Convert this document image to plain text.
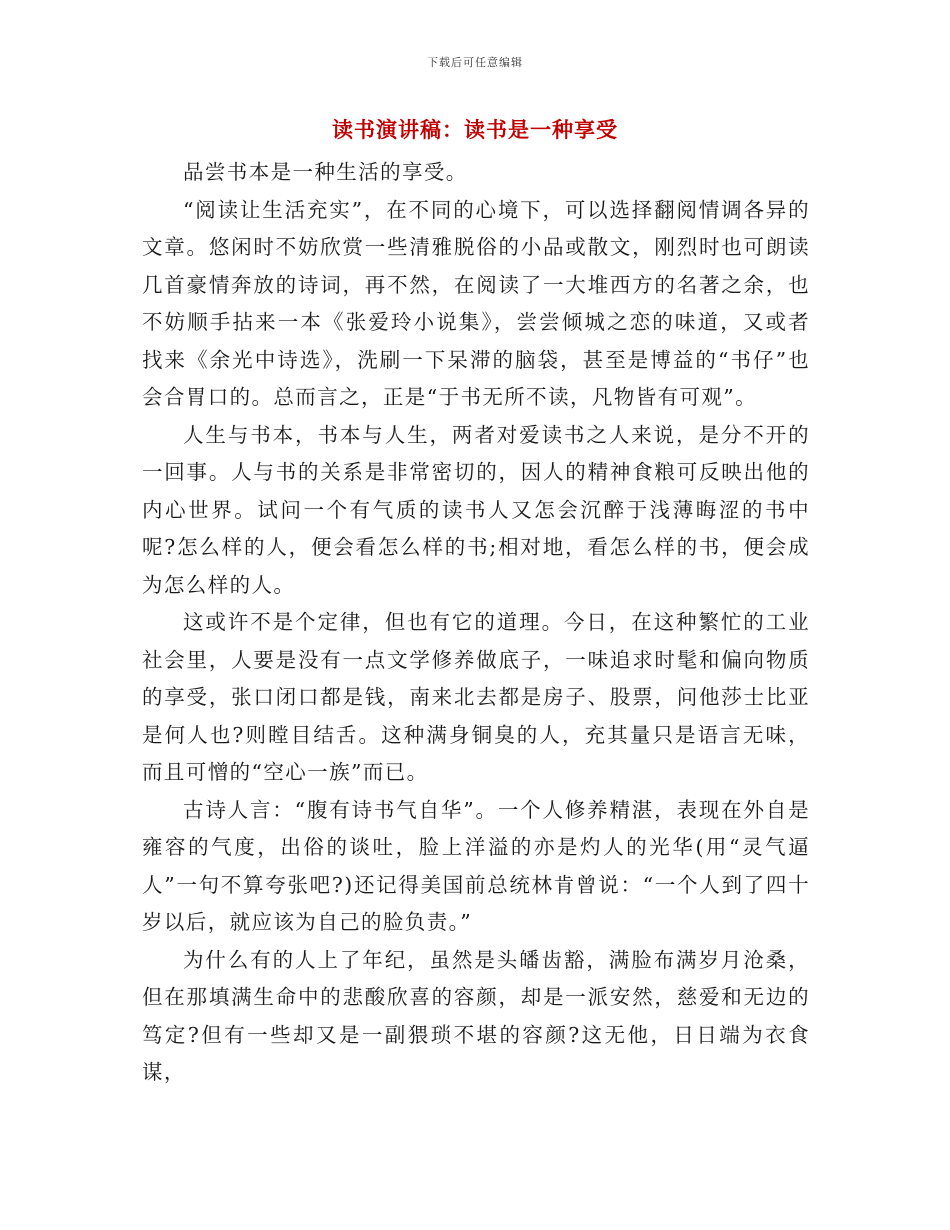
下载后可任意编辑
读书演讲稿：读书是一种享受

品尝书本是一种生活的享受。

“阅读让生活充实”，在不同的心境下，可以选择翻阅情调各异的文章。悠闲时不妨欣赏一些清雅脱俗的小品或散文，刚烈时也可朗读几首豪情奔放的诗词，再不然，在阅读了一大堆西方的名著之余，也不妨顺手拈来一本《张爱玲小说集》，尝尝倾城之恋的味道，又或者找来《余光中诗选》，洗刷一下呆滞的脑袋，甚至是博益的“书仔”也会合胃口的。总而言之，正是“于书无所不读，凡物皆有可观”。

人生与书本，书本与人生，两者对爱读书之人来说，是分不开的一回事。人与书的关系是非常密切的，因人的精神食粮可反映出他的内心世界。试问一个有气质的读书人又怎会沉醉于浅薄晦涩的书中呢?怎么样的人，便会看怎么样的书;相对地，看怎么样的书，便会成为怎么样的人。

这或许不是个定律，但也有它的道理。今日，在这种繁忙的工业社会里，人要是没有一点文学修养做底子，一味追求时髦和偏向物质的享受，张口闭口都是钱，南来北去都是房子、股票，问他莎士比亚是何人也?则瞠目结舌。这种满身铜臭的人，充其量只是语言无味，而且可憎的“空心一族”而已。

古诗人言：“腹有诗书气自华”。一个人修养精湛，表现在外自是雍容的气度，出俗的谈吐，脸上洋溢的亦是灼人的光华(用“灵气逼人”一句不算夸张吧?)还记得美国前总统林肯曾说：“一个人到了四十岁以后，就应该为自己的脸负责。”

为什么有的人上了年纪，虽然是头皤齿豁，满脸布满岁月沧桑，但在那填满生命中的悲酸欣喜的容颜，却是一派安然，慈爱和无边的笃定?但有一些却又是一副猥琐不堪的容颜?这无他，日日端为衣食谋，
